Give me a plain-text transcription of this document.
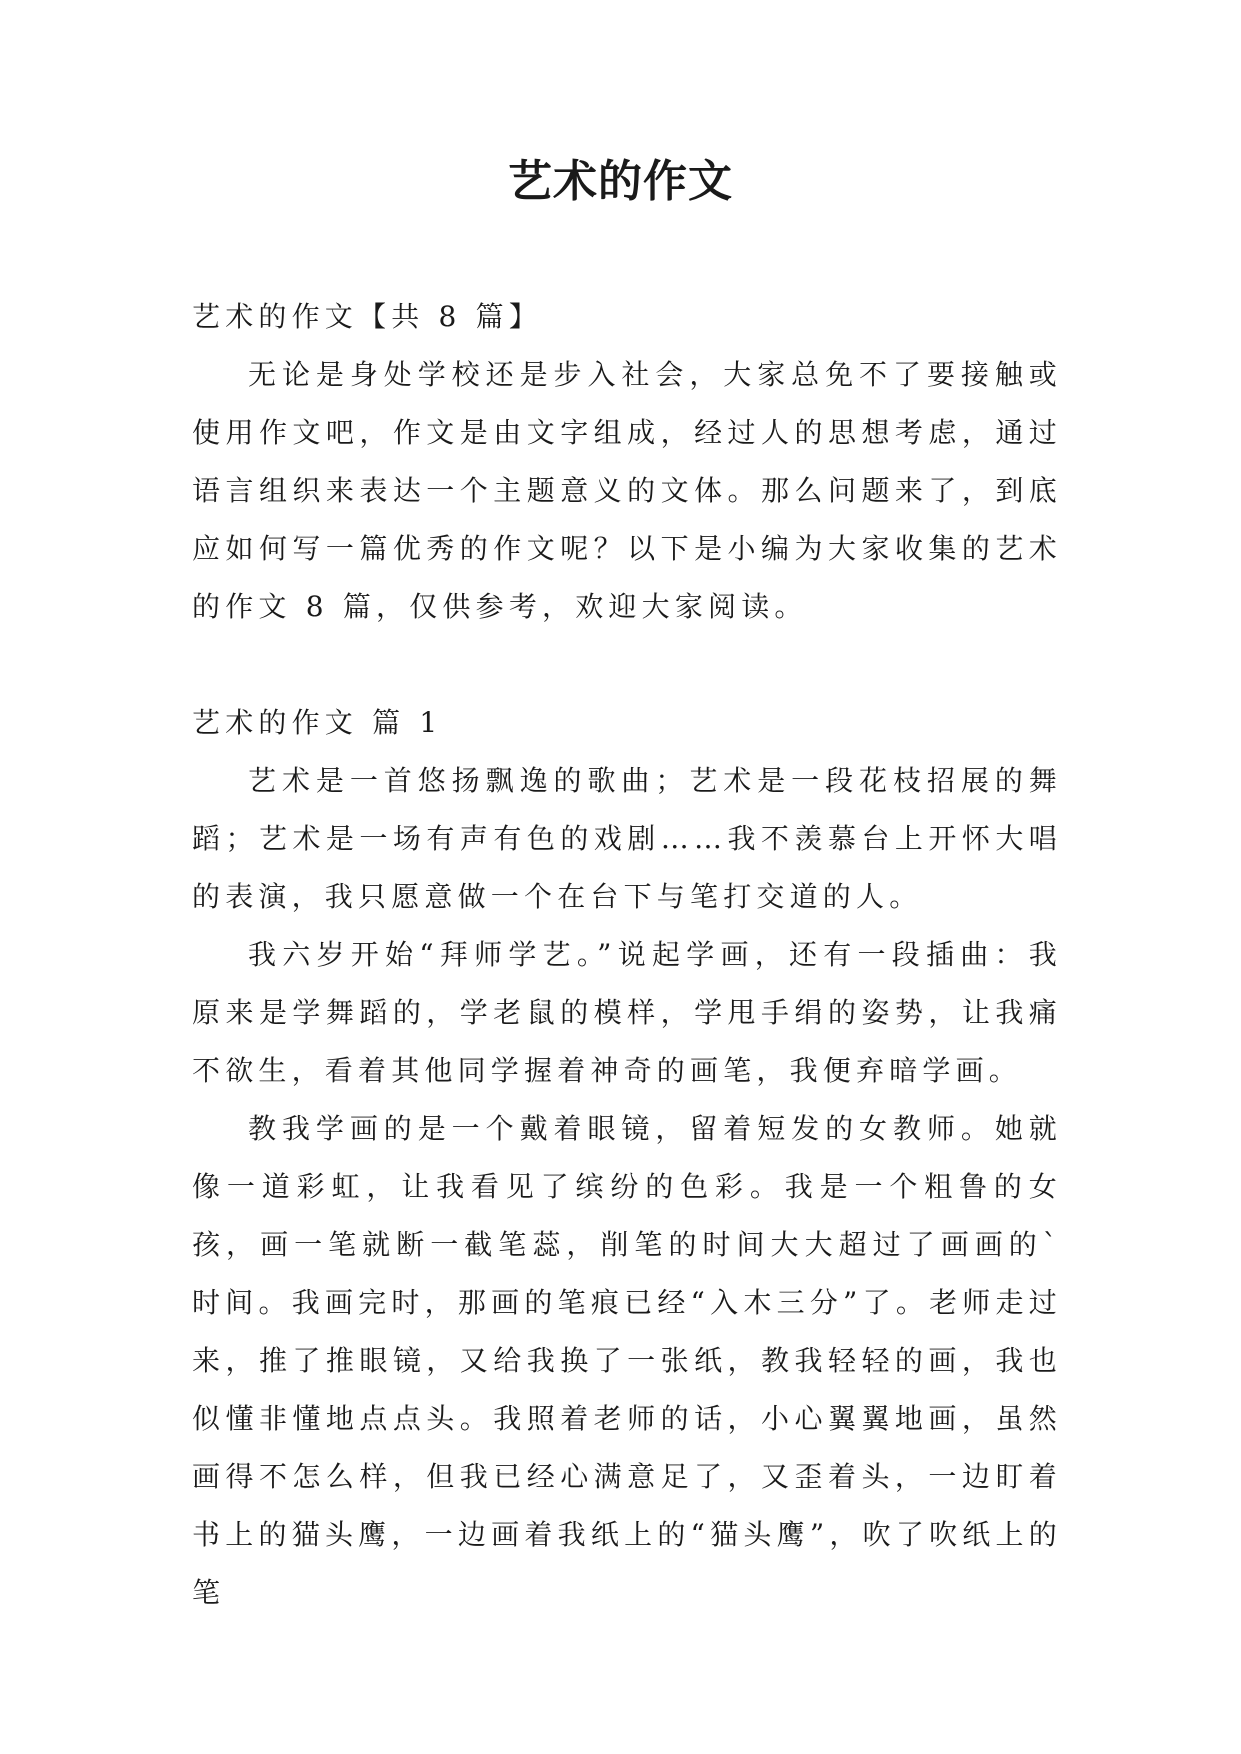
艺术的作文

艺术的作文【共 8 篇】

无论是身处学校还是步入社会，大家总免不了要接触或使用作文吧，作文是由文字组成，经过人的思想考虑，通过语言组织来表达一个主题意义的文体。那么问题来了，到底应如何写一篇优秀的作文呢？以下是小编为大家收集的艺术的作文 8 篇，仅供参考，欢迎大家阅读。

艺术的作文 篇 1

艺术是一首悠扬飘逸的歌曲；艺术是一段花枝招展的舞蹈；艺术是一场有声有色的戏剧……我不羡慕台上开怀大唱的表演，我只愿意做一个在台下与笔打交道的人。

我六岁开始“拜师学艺。”说起学画，还有一段插曲：我原来是学舞蹈的，学老鼠的模样，学甩手绢的姿势，让我痛不欲生，看着其他同学握着神奇的画笔，我便弃暗学画。

教我学画的是一个戴着眼镜，留着短发的女教师。她就像一道彩虹，让我看见了缤纷的色彩。我是一个粗鲁的女孩，画一笔就断一截笔蕊，削笔的时间大大超过了画画的`时间。我画完时，那画的笔痕已经“入木三分”了。老师走过来，推了推眼镜，又给我换了一张纸，教我轻轻的画，我也似懂非懂地点点头。我照着老师的话，小心翼翼地画，虽然画得不怎么样，但我已经心满意足了，又歪着头，一边盯着书上的猫头鹰，一边画着我纸上的“猫头鹰”，吹了吹纸上的笔
